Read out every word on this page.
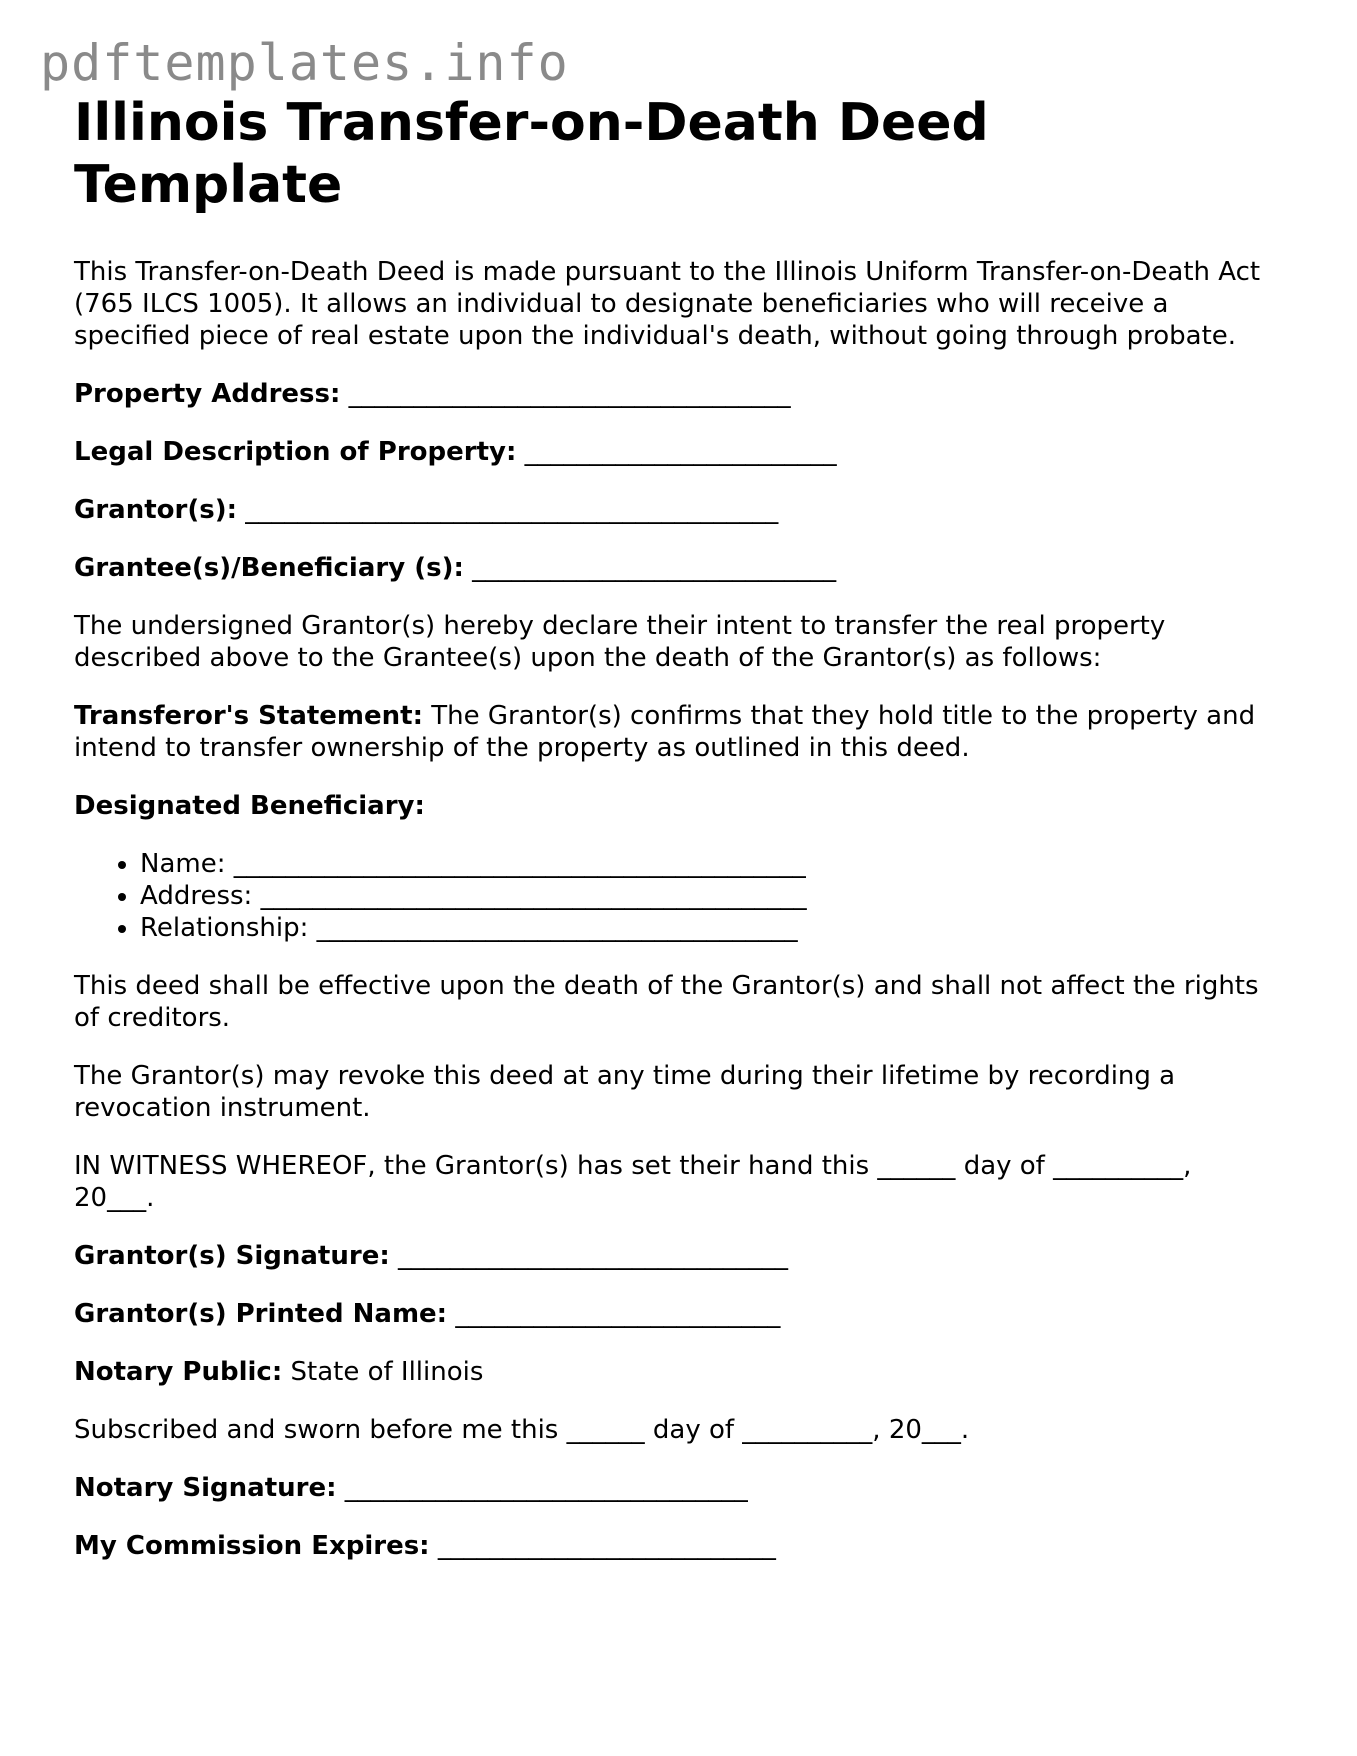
pdftemplates.info
Illinois Transfer-on-Death Deed
Template

This Transfer-on-Death Deed is made pursuant to the Illinois Uniform Transfer-on-Death Act (765 ILCS 1005). It allows an individual to designate beneficiaries who will receive a specified piece of real estate upon the individual's death, without going through probate.

Property Address: __________________________________

Legal Description of Property: ________________________

Grantor(s): _________________________________________

Grantee(s)/Beneficiary (s): ____________________________

The undersigned Grantor(s) hereby declare their intent to transfer the real property described above to the Grantee(s) upon the death of the Grantor(s) as follows:

Transferor's Statement: The Grantor(s) confirms that they hold title to the property and intend to transfer ownership of the property as outlined in this deed.

Designated Beneficiary:

• Name: ____________________________________________
• Address: __________________________________________
• Relationship: _____________________________________

This deed shall be effective upon the death of the Grantor(s) and shall not affect the rights of creditors.

The Grantor(s) may revoke this deed at any time during their lifetime by recording a revocation instrument.

IN WITNESS WHEREOF, the Grantor(s) has set their hand this ______ day of __________, 20___.

Grantor(s) Signature: ______________________________

Grantor(s) Printed Name: _________________________

Notary Public: State of Illinois

Subscribed and sworn before me this ______ day of __________, 20___.

Notary Signature: _______________________________

My Commission Expires: __________________________
